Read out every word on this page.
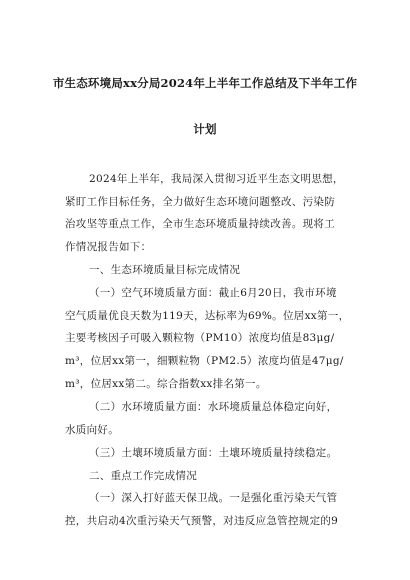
市生态环境局xx分局2024年上半年工作总结及下半年工作
计划
2024年上半年，我局深入贯彻习近平生态文明思想，
紧盯工作目标任务，全力做好生态环境问题整改、污染防
治攻坚等重点工作，全市生态环境质量持续改善。现将工
作情况报告如下：
一、生态环境质量目标完成情况
（一）空气环境质量方面：截止6月20日，我市环境
空气质量优良天数为119天，达标率为69%。位居xx第一，
主要考核因子可吸入颗粒物（PM10）浓度均值是83μg/
m³，位居xx第一，细颗粒物（PM2.5）浓度均值是47μg/
m³，位居xx第二。综合指数xx排名第一。
（二）水环境质量方面：水环境质量总体稳定向好，
水质向好。
（三）土壤环境质量方面：土壤环境质量持续稳定。
二、重点工作完成情况
（一）深入打好蓝天保卫战。一是强化重污染天气管
控，共启动4次重污染天气预警，对违反应急管控规定的9
